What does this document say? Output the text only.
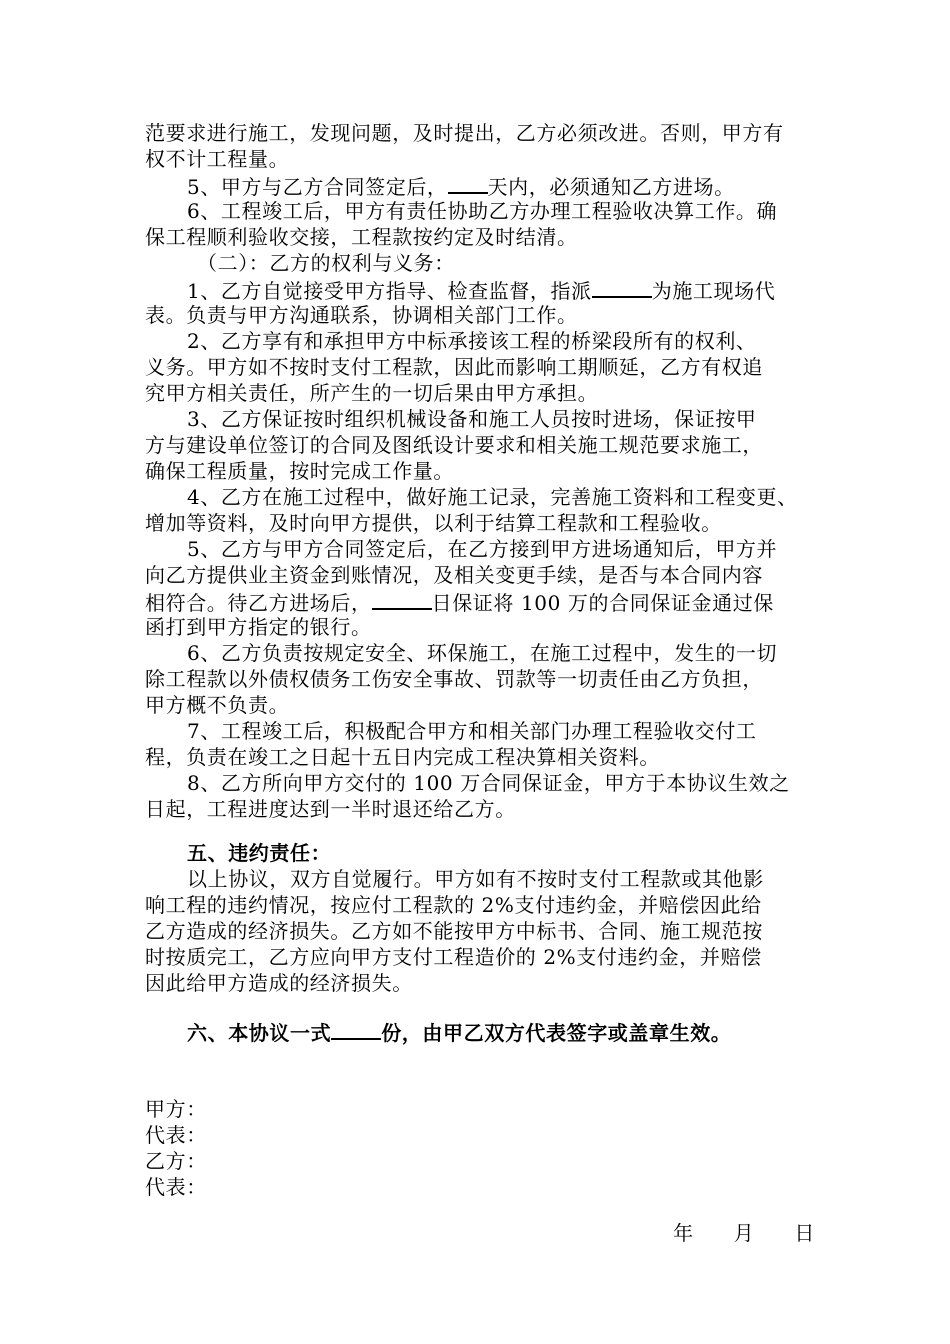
范要求进行施工，发现问题，及时提出，乙方必须改进。否则，甲方有
权不计工程量。
5、甲方与乙方合同签定后， 天内，必须通知乙方进场。
6、工程竣工后，甲方有责任协助乙方办理工程验收决算工作。确
保工程顺利验收交接，工程款按约定及时结清。
（二）：乙方的权利与义务：
1、乙方自觉接受甲方指导、检查监督，指派	为施工现场代
表。负责与甲方沟通联系，协调相关部门工作。
2、乙方享有和承担甲方中标承接该工程的桥梁段所有的权利、
义务。甲方如不按时支付工程款，因此而影响工期顺延，乙方有权追
究甲方相关责任，所产生的一切后果由甲方承担。
3、乙方保证按时组织机械设备和施工人员按时进场，保证按甲
方与建设单位签订的合同及图纸设计要求和相关施工规范要求施工，
确保工程质量，按时完成工作量。
4、乙方在施工过程中，做好施工记录，完善施工资料和工程变更、
增加等资料，及时向甲方提供，以利于结算工程款和工程验收。
5、乙方与甲方合同签定后，在乙方接到甲方进场通知后，甲方并
向乙方提供业主资金到账情况，及相关变更手续，是否与本合同内容
相符合。待乙方进场后，	日保证将 100 万的合同保证金通过保
函打到甲方指定的银行。
6、乙方负责按规定安全、环保施工，在施工过程中，发生的一切
除工程款以外债权债务工伤安全事故、罚款等一切责任由乙方负担，
甲方概不负责。
7、工程竣工后，积极配合甲方和相关部门办理工程验收交付工
程，负责在竣工之日起十五日内完成工程决算相关资料。
8、乙方所向甲方交付的 100 万合同保证金，甲方于本协议生效之
日起，工程进度达到一半时退还给乙方。
五、违约责任：
以上协议，双方自觉履行。甲方如有不按时支付工程款或其他影
响工程的违约情况，按应付工程款的 2%支付违约金，并赔偿因此给
乙方造成的经济损失。乙方如不能按甲方中标书、合同、施工规范按
时按质完工，乙方应向甲方支付工程造价的 2%支付违约金，并赔偿
因此给甲方造成的经济损失。
六、本协议一式	份，由甲乙双方代表签字或盖章生效。
甲方：
代表：
乙方：
代表：
年 月 日
